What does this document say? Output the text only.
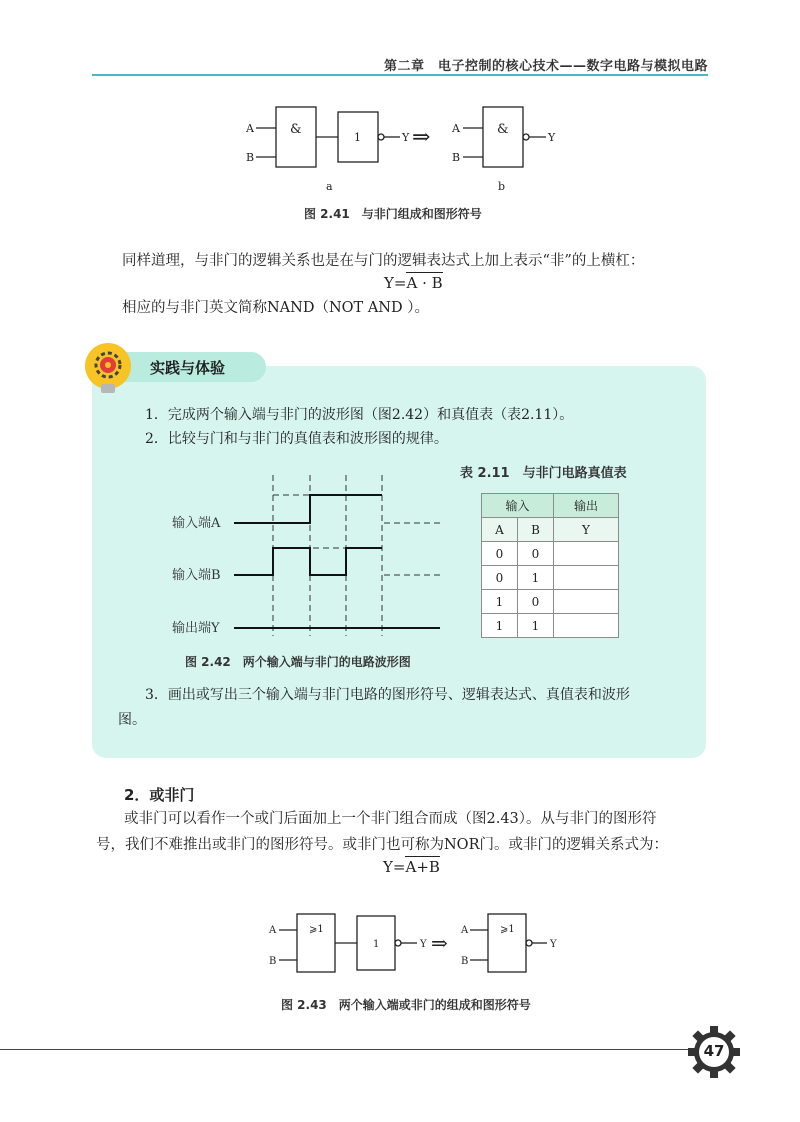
第二章　电子控制的核心技术——数字电路与模拟电路
A
B
&
1	Y ⇒ A
B
&
Y
a	b
图 2.41　与非门组成和图形符号
同样道理，与非门的逻辑关系也是在与门的逻辑表达式上加上表示“非”的上横杠：
Y=A · B
相应的与非门英文简称NAND（NOT AND ）。
实践与体验
1．完成两个输入端与非门的波形图（图2.42）和真值表（表2.11）。
2．比较与门和与非门的真值表和波形图的规律。
输入端A
输入端B
输出端Y
图 2.42　两个输入端与非门的电路波形图
表 2.11　与非门电路真值表
输入		输出
A	B	Y
0	0	
0	1	
1	0	
1	1	
3．画出或写出三个输入端与非门电路的图形符号、逻辑表达式、真值表和波形
图。
2．或非门
或非门可以看作一个或门后面加上一个非门组合而成（图2.43）。从与非门的图形符
号，我们不难推出或非门的图形符号。或非门也可称为NOR门。或非门的逻辑关系式为：
Y=A+B
A
B
⩾1
1	Y ⇒
A
B
⩾1
Y
图 2.43　两个输入端或非门的组成和图形符号
47
